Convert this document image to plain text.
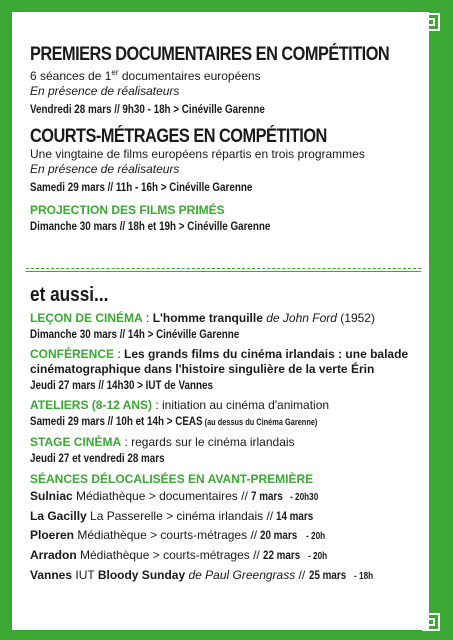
PREMIERS DOCUMENTAIRES EN COMPÉTITION
6 séances de 1er documentaires européens
En présence de réalisateurs
Vendredi 28 mars // 9h30 - 18h > Cinéville Garenne
COURTS-MÉTRAGES EN COMPÉTITION
Une vingtaine de films européens répartis en trois programmes
En présence de réalisateurs
Samedi 29 mars // 11h - 16h > Cinéville Garenne
PROJECTION DES FILMS PRIMÉS
Dimanche 30 mars // 18h et 19h > Cinéville Garenne
et aussi...
LEÇON DE CINÉMA : L'homme tranquille de John Ford (1952)
Dimanche 30 mars // 14h > Cinéville Garenne
CONFÉRENCE : Les grands films du cinéma irlandais : une balade
cinématographique dans l'histoire singulière de la verte Érin
Jeudi 27 mars // 14h30 > IUT de Vannes
ATELIERS (8-12 ANS) : initiation au cinéma d'animation
Samedi 29 mars // 10h et 14h > CEAS (au dessus du Cinéma Garenne)
STAGE CINÉMA : regards sur le cinéma irlandais
Jeudi 27 et vendredi 28 mars
SÉANCES DÉLOCALISÉES EN AVANT-PREMIÈRE
Sulniac Médiathèque > documentaires // 7 mars- 20h30
La Gacilly La Passerelle > cinéma irlandais // 14 mars
Ploeren Médiathèque > courts-métrages // 20 mars- 20h
Arradon Médiathèque > courts-métrages // 22 mars- 20h
Vannes IUT Bloody Sunday de Paul Greengrass // 25 mars- 18h
